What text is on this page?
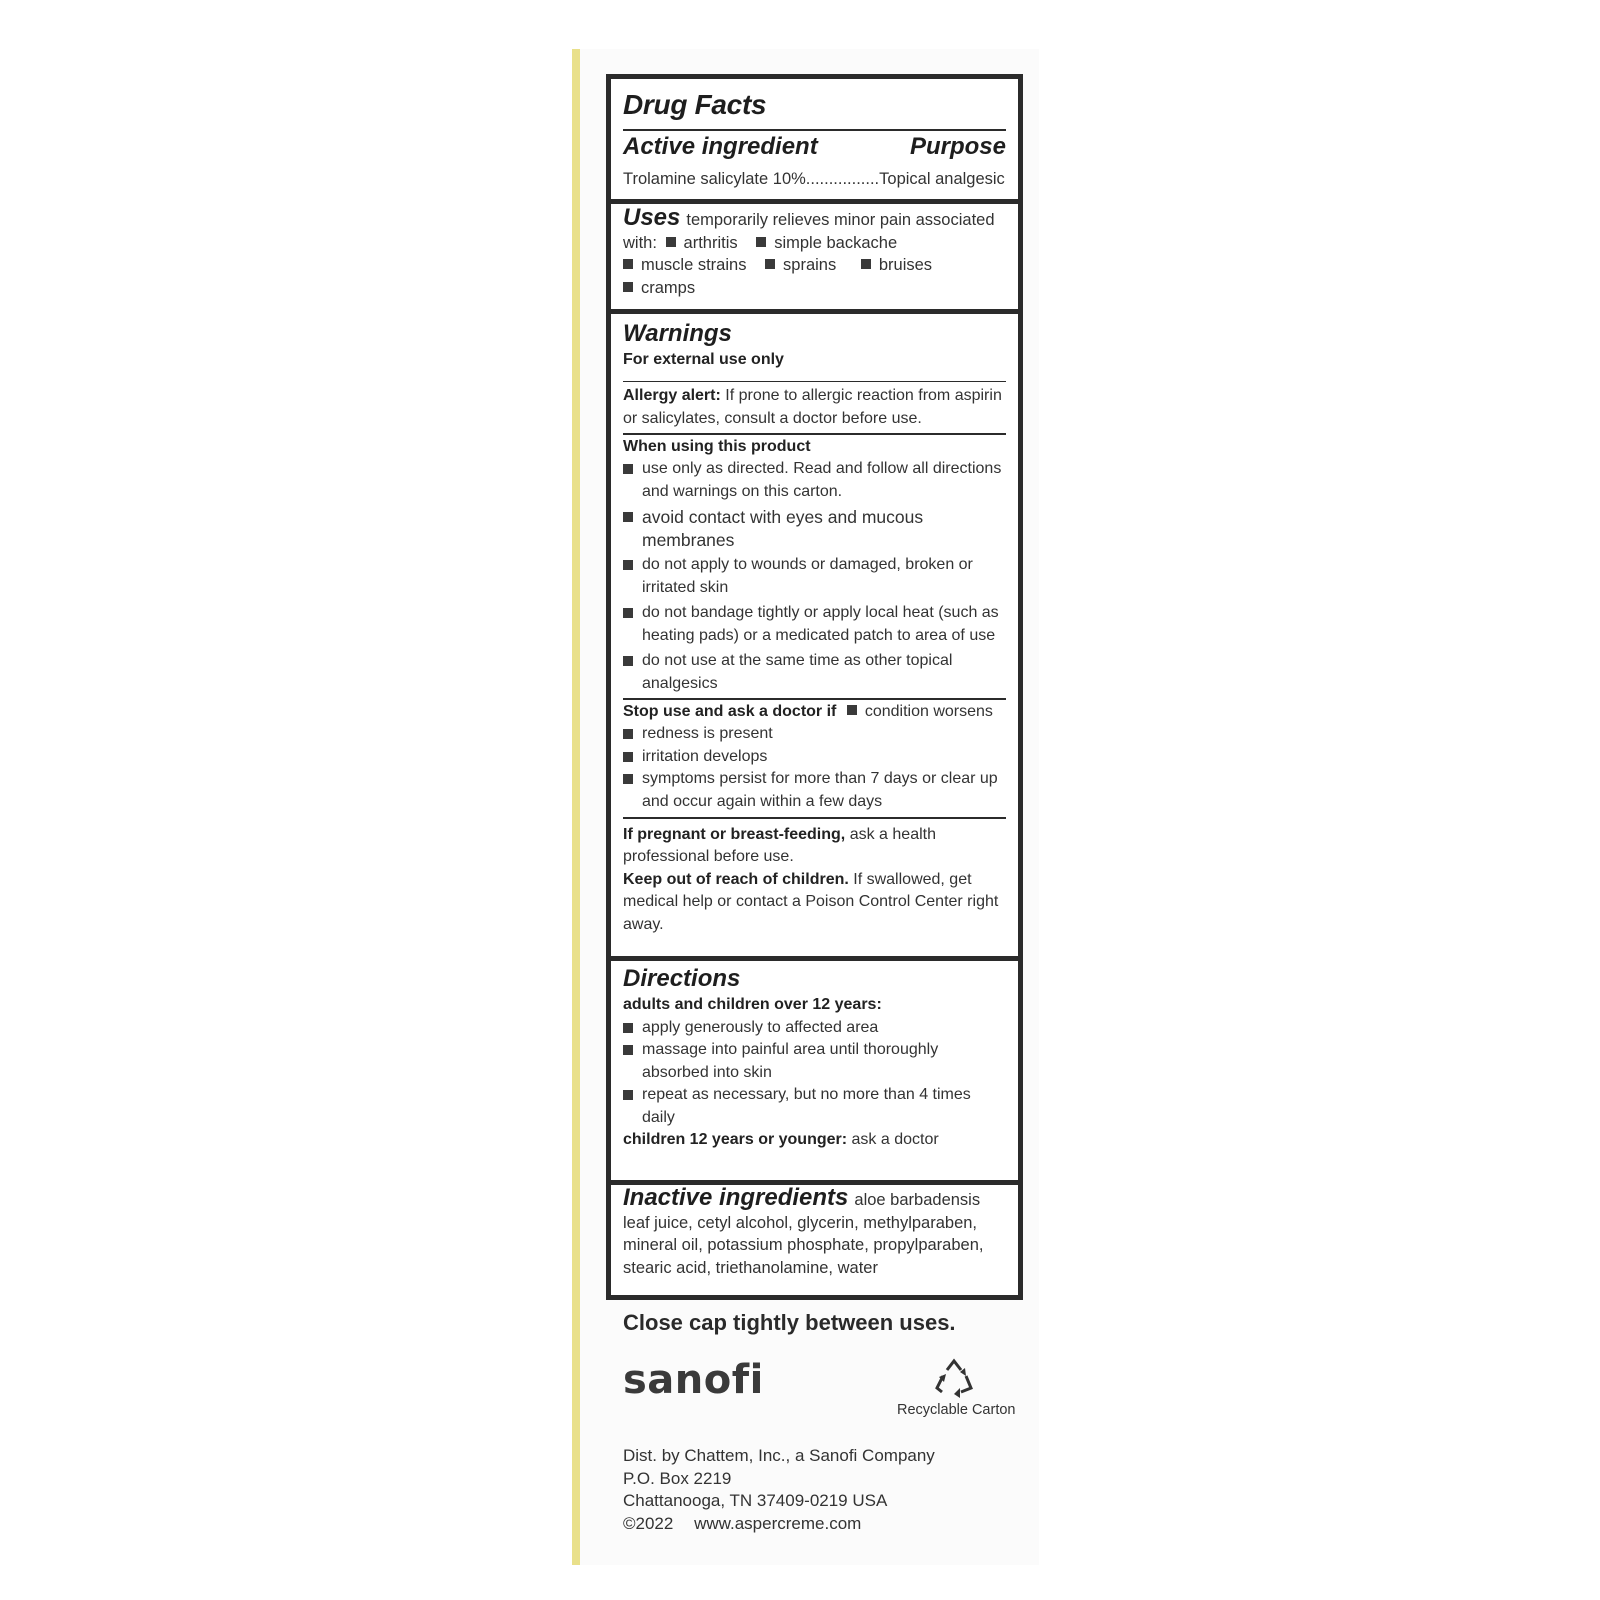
Drug Facts
Active ingredient	Purpose
Trolamine salicylate 10%................Topical analgesic
Uses temporarily relieves minor pain associated with: arthritis simple backache
muscle strains sprains	bruises
cramps
Warnings
For external use only
Allergy alert: If prone to allergic reaction from aspirin or salicylates, consult a doctor before use.
When using this product
use only as directed. Read and follow all directions and warnings on this carton.
avoid contact with eyes and mucous membranes
do not apply to wounds or damaged, broken or irritated skin
do not bandage tightly or apply local heat (such as heating pads) or a medicated patch to area of use
do not use at the same time as other topical analgesics
Stop use and ask a doctor if condition worsens
redness is present
irritation develops
symptoms persist for more than 7 days or clear up and occur again within a few days
If pregnant or breast-feeding, ask a health professional before use.
Keep out of reach of children. If swallowed, get medical help or contact a Poison Control Center right away.
Directions
adults and children over 12 years:
apply generously to affected area
massage into painful area until thoroughly absorbed into skin
repeat as necessary, but no more than 4 times daily
children 12 years or younger: ask a doctor
Inactive ingredients aloe barbadensis leaf juice, cetyl alcohol, glycerin, methylparaben, mineral oil, potassium phosphate, propylparaben, stearic acid, triethanolamine, water
Close cap tightly between uses.
sanofi
Recyclable Carton
Dist. by Chattem, Inc., a Sanofi Company
P.O. Box 2219
Chattanooga, TN 37409-0219 USA
©2022 www.aspercreme.com
